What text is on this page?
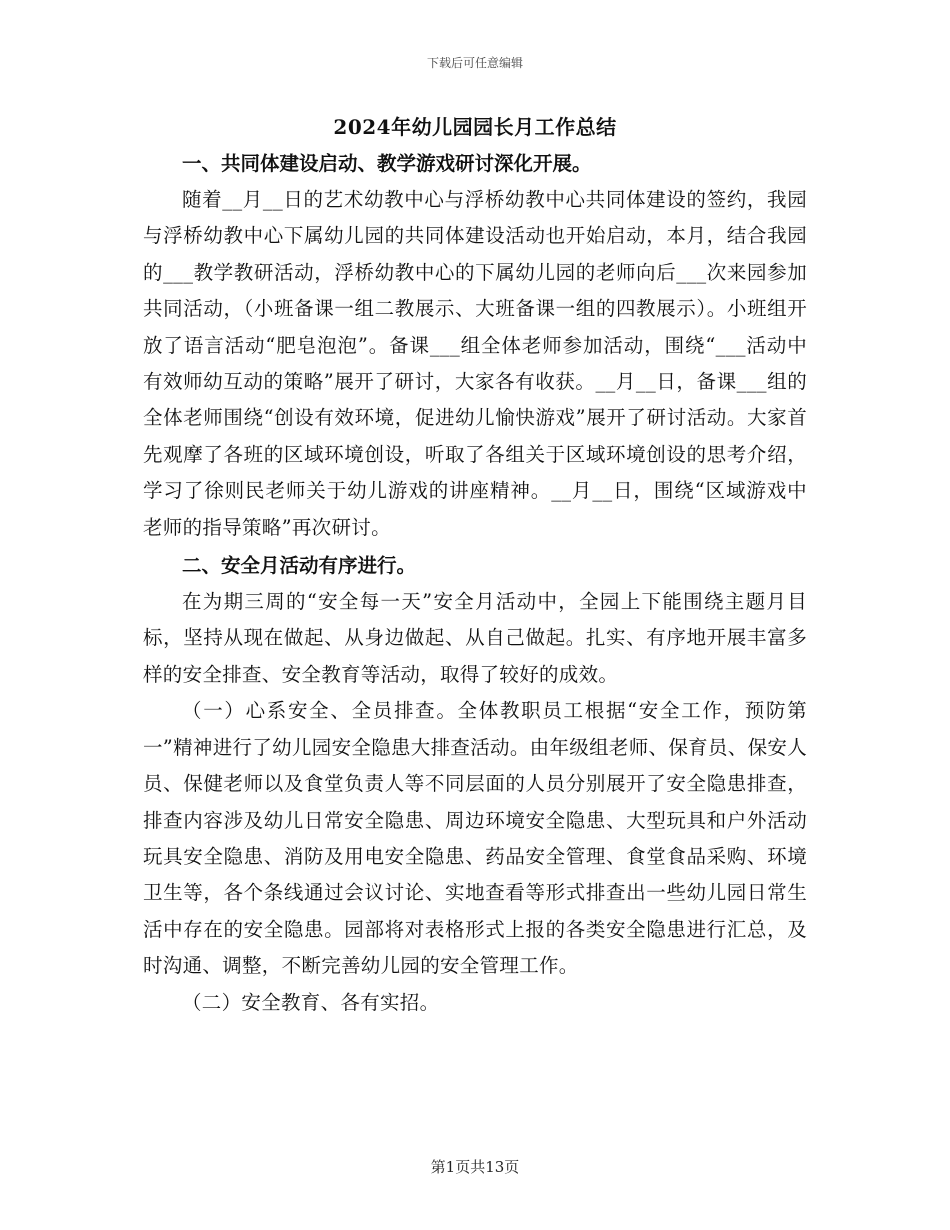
下载后可任意编辑
2024年幼儿园园长月工作总结
一、共同体建设启动、教学游戏研讨深化开展。

随着__月__日的艺术幼教中心与浮桥幼教中心共同体建设的签约，我园与浮桥幼教中心下属幼儿园的共同体建设活动也开始启动，本月，结合我园的___教学教研活动，浮桥幼教中心的下属幼儿园的老师向后___次来园参加共同活动，（小班备课一组二教展示、大班备课一组的四教展示）。小班组开放了语言活动“肥皂泡泡”。备课___组全体老师参加活动，围绕“___活动中有效师幼互动的策略”展开了研讨，大家各有收获。__月__日，备课___组的全体老师围绕“创设有效环境，促进幼儿愉快游戏”展开了研讨活动。大家首先观摩了各班的区域环境创设，听取了各组关于区域环境创设的思考介绍，学习了徐则民老师关于幼儿游戏的讲座精神。__月__日，围绕“区域游戏中老师的指导策略”再次研讨。

二、安全月活动有序进行。

在为期三周的“安全每一天”安全月活动中，全园上下能围绕主题月目标，坚持从现在做起、从身边做起、从自己做起。扎实、有序地开展丰富多样的安全排查、安全教育等活动，取得了较好的成效。

（一）心系安全、全员排查。全体教职员工根据“安全工作，预防第一”精神进行了幼儿园安全隐患大排查活动。由年级组老师、保育员、保安人员、保健老师以及食堂负责人等不同层面的人员分别展开了安全隐患排查，排查内容涉及幼儿日常安全隐患、周边环境安全隐患、大型玩具和户外活动玩具安全隐患、消防及用电安全隐患、药品安全管理、食堂食品采购、环境卫生等，各个条线通过会议讨论、实地查看等形式排查出一些幼儿园日常生活中存在的安全隐患。园部将对表格形式上报的各类安全隐患进行汇总，及时沟通、调整，不断完善幼儿园的安全管理工作。

（二）安全教育、各有实招。

第1页共13页
